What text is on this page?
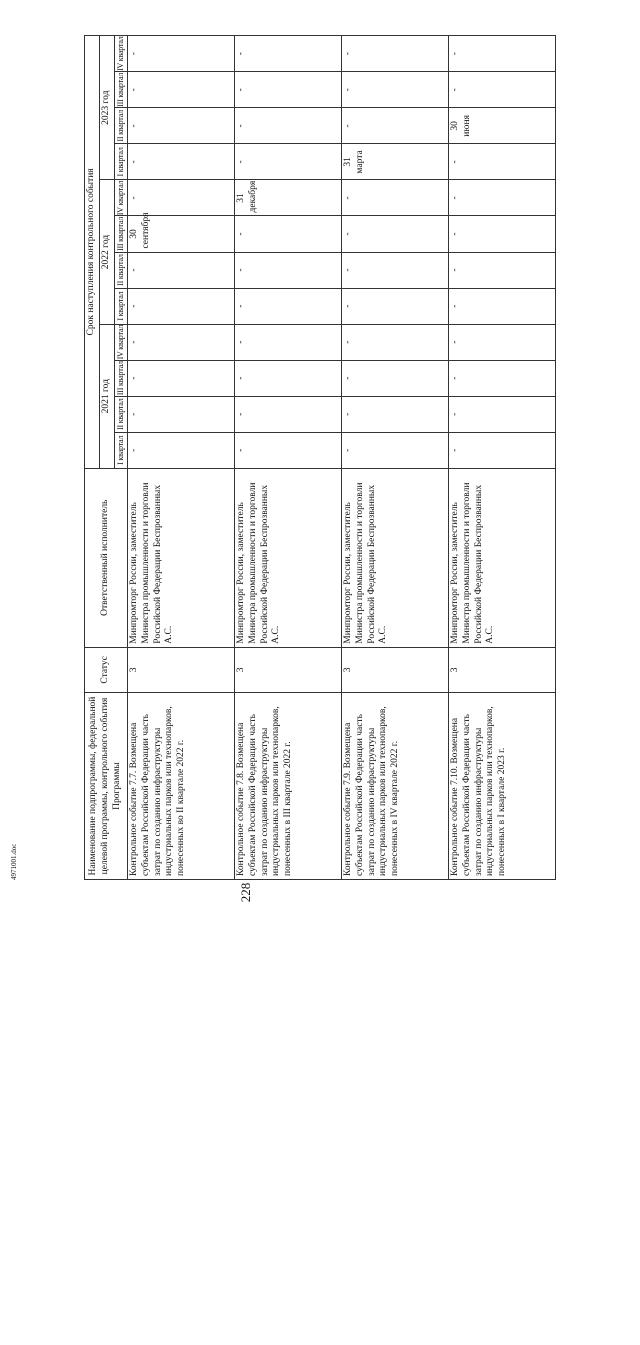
228
Наименование подпрограммы, федеральной целевой программы, контрольного события Программы	Статус	Ответственный исполнитель	Срок наступления контрольного события											
			2021 год				2022 год				2023 год			
			I квартал	II квартал	III квартал	IV квартал	I квартал	II квартал	III квартал	IV квартал	I квартал	II квартал	III квартал	IV квартал
Контрольное событие 7.7. Возмещена субъектам Российской Федерации часть затрат по созданию инфраструктуры индустриальных парков или технопарков, понесенных во II квартале 2022 г.	3	Минпромторг России, заместитель Министра промышленности и торговли Российской Федерации Беспрозванных А.С.	-	-	-	-	-	-	30 сентября	-	-	-	-	-
Контрольное событие 7.8. Возмещена субъектам Российской Федерации часть затрат по созданию инфраструктуры индустриальных парков или технопарков, понесенных в III квартале 2022 г.	3	Минпромторг России, заместитель Министра промышленности и торговли Российской Федерации Беспрозванных А.С.	-	-	-	-	-	-	-	31 декабря	-	-	-	-
Контрольное событие 7.9. Возмещена субъектам Российской Федерации часть затрат по созданию инфраструктуры индустриальных парков или технопарков, понесенных в IV квартале 2022 г.	3	Минпромторг России, заместитель Министра промышленности и торговли Российской Федерации Беспрозванных А.С.	-	-	-	-	-	-	-	-	31 марта	-	-	-
Контрольное событие 7.10. Возмещена субъектам Российской Федерации часть затрат по созданию инфраструктуры индустриальных парков или технопарков, понесенных в I квартале 2023 г.	3	Минпромторг России, заместитель Министра промышленности и торговли Российской Федерации Беспрозванных А.С.	-	-	-	-	-	-	-	-	-	30 июня	-	-
4971001.doc
